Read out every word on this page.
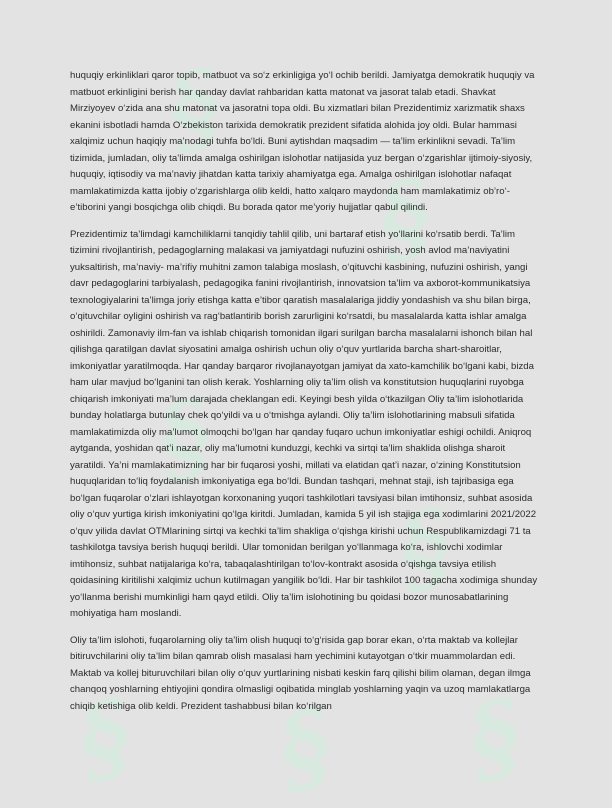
§
§
§
§
§ § §

huquqiy erkinliklari qaror topib, matbuot va so‘z erkinligiga yo‘l ochib berildi. Jamiyatga demokratik huquqiy va matbuot erkinligini berish har qanday davlat rahbaridan katta matonat va jasorat talab etadi. Shavkat Mirziyoyev o‘zida ana shu matonat va jasoratni topa oldi. Bu xizmatlari bilan Prezidentimiz xarizmatik shaxs ekanini isbotladi hamda O‘zbekiston tarixida demokratik prezident sifatida alohida joy oldi. Bular hammasi xalqimiz uchun haqiqiy ma’nodagi tuhfa bo‘ldi. Buni aytishdan maqsadim — ta’lim erkinlikni sevadi. Ta’lim tizimida, jumladan, oliy ta’limda amalga oshirilgan islohotlar natijasida yuz bergan o‘zgarishlar ijtimoiy-siyosiy, huquqiy, iqtisodiy va ma’naviy jihatdan katta tarixiy ahamiyatga ega. Amalga oshirilgan islohotlar nafaqat mamlakatimizda katta ijobiy o‘zgarishlarga olib keldi, hatto xalqaro maydonda ham mamlakatimiz ob’ro‘-e’tiborini yangi bosqichga olib chiqdi. Bu borada qator me’yoriy hujjatlar qabul qilindi.

Prezidentimiz ta’limdagi kamchiliklarni tanqidiy tahlil qilib, uni bartaraf etish yo‘llarini ko‘rsatib berdi. Ta’lim tizimini rivojlantirish, pedagoglarning malakasi va jamiyatdagi nufuzini oshirish, yosh avlod ma’naviyatini yuksaltirish, ma’naviy- ma’rifiy muhitni zamon talabiga moslash, o‘qituvchi kasbining, nufuzini oshirish, yangi davr pedagoglarini tarbiyalash, pedagogika fanini rivojlantirish, innovatsion ta’lim va axborot-kommunikatsiya texnologiyalarini ta’limga joriy etishga katta e’tibor qaratish masalalariga jiddiy yondashish va shu bilan birga, o‘qituvchilar oyligini oshirish va rag‘batlantirib borish zarurligini ko‘rsatdi, bu masalalarda katta ishlar amalga oshirildi. Zamonaviy ilm-fan va ishlab chiqarish tomonidan ilgari surilgan barcha masalalarni ishonch bilan hal qilishga qaratilgan davlat siyosatini amalga oshirish uchun oliy o‘quv yurtlarida barcha shart-sharoitlar, imkoniyatlar yaratilmoqda. Har qanday barqaror rivojlanayotgan jamiyat da xato-kamchilik bo‘lgani kabi, bizda ham ular mavjud bo‘lganini tan olish kerak. Yoshlarning oliy ta’lim olish va konstitutsion huquqlarini ruyobga chiqarish imkoniyati ma’lum darajada cheklangan edi. Keyingi besh yilda o‘tkazilgan Oliy ta’lim islohotlarida bunday holatlarga butunlay chek qo‘yildi va u o‘tmishga aylandi. Oliy ta’lim islohotlarining mabsuli sifatida mamlakatimizda oliy ma’lumot olmoqchi bo‘lgan har qanday fuqaro uchun imkoniyatlar eshigi ochildi. Aniqroq aytganda, yoshidan qat’i nazar, oliy ma’lumotni kunduzgi, kechki va sirtqi ta’lim shaklida olishga sharoit yaratildi. Ya’ni mamlakatimizning har bir fuqarosi yoshi, millati va elatidan qat’i nazar, o‘zining Konstitutsion huquqlaridan to‘liq foydalanish imkoniyatiga ega bo‘ldi. Bundan tashqari, mehnat staji, ish tajribasiga ega bo‘lgan fuqarolar o‘zlari ishlayotgan korxonaning yuqori tashkilotlari tavsiyasi bilan imtihonsiz, suhbat asosida oliy o‘quv yurtiga kirish imkoniyatini qo‘lga kiritdi. Jumladan, kamida 5 yil ish stajiga ega xodimlarini 2021/2022 o‘quv yilida davlat OTMlarining sirtqi va kechki ta’lim shakliga o‘qishga kirishi uchun Respublikamizdagi 71 ta tashkilotga tavsiya berish huquqi berildi. Ular tomonidan berilgan yo‘llanmaga ko‘ra, ishlovchi xodimlar imtihonsiz, suhbat natijalariga ko‘ra, tabaqalashtirilgan to‘lov-kontrakt asosida o‘qishga tavsiya etilish qoidasining kiritilishi xalqimiz uchun kutilmagan yangilik bo‘ldi. Har bir tashkilot 100 tagacha xodimiga shunday yo‘llanma berishi mumkinligi ham qayd etildi. Oliy ta’lim islohotining bu qoidasi bozor munosabatlarining mohiyatiga ham moslandi.

Oliy ta’lim islohoti, fuqarolarning oliy ta’lim olish huquqi to‘g‘risida gap borar ekan, o‘rta maktab va kollejlar bitiruvchilarini oliy ta’lim bilan qamrab olish masalasi ham yechimini kutayotgan o‘tkir muammolardan edi. Maktab va kollej bituruvchilari bilan oliy o‘quv yurtlarining nisbati keskin farq qilishi bilim olaman, degan ilmga chanqoq yoshlarning ehtiyojini qondira olmasligi oqibatida minglab yoshlarning yaqin va uzoq mamlakatlarga chiqib ketishiga olib keldi. Prezident tashabbusi bilan ko‘rilgan
